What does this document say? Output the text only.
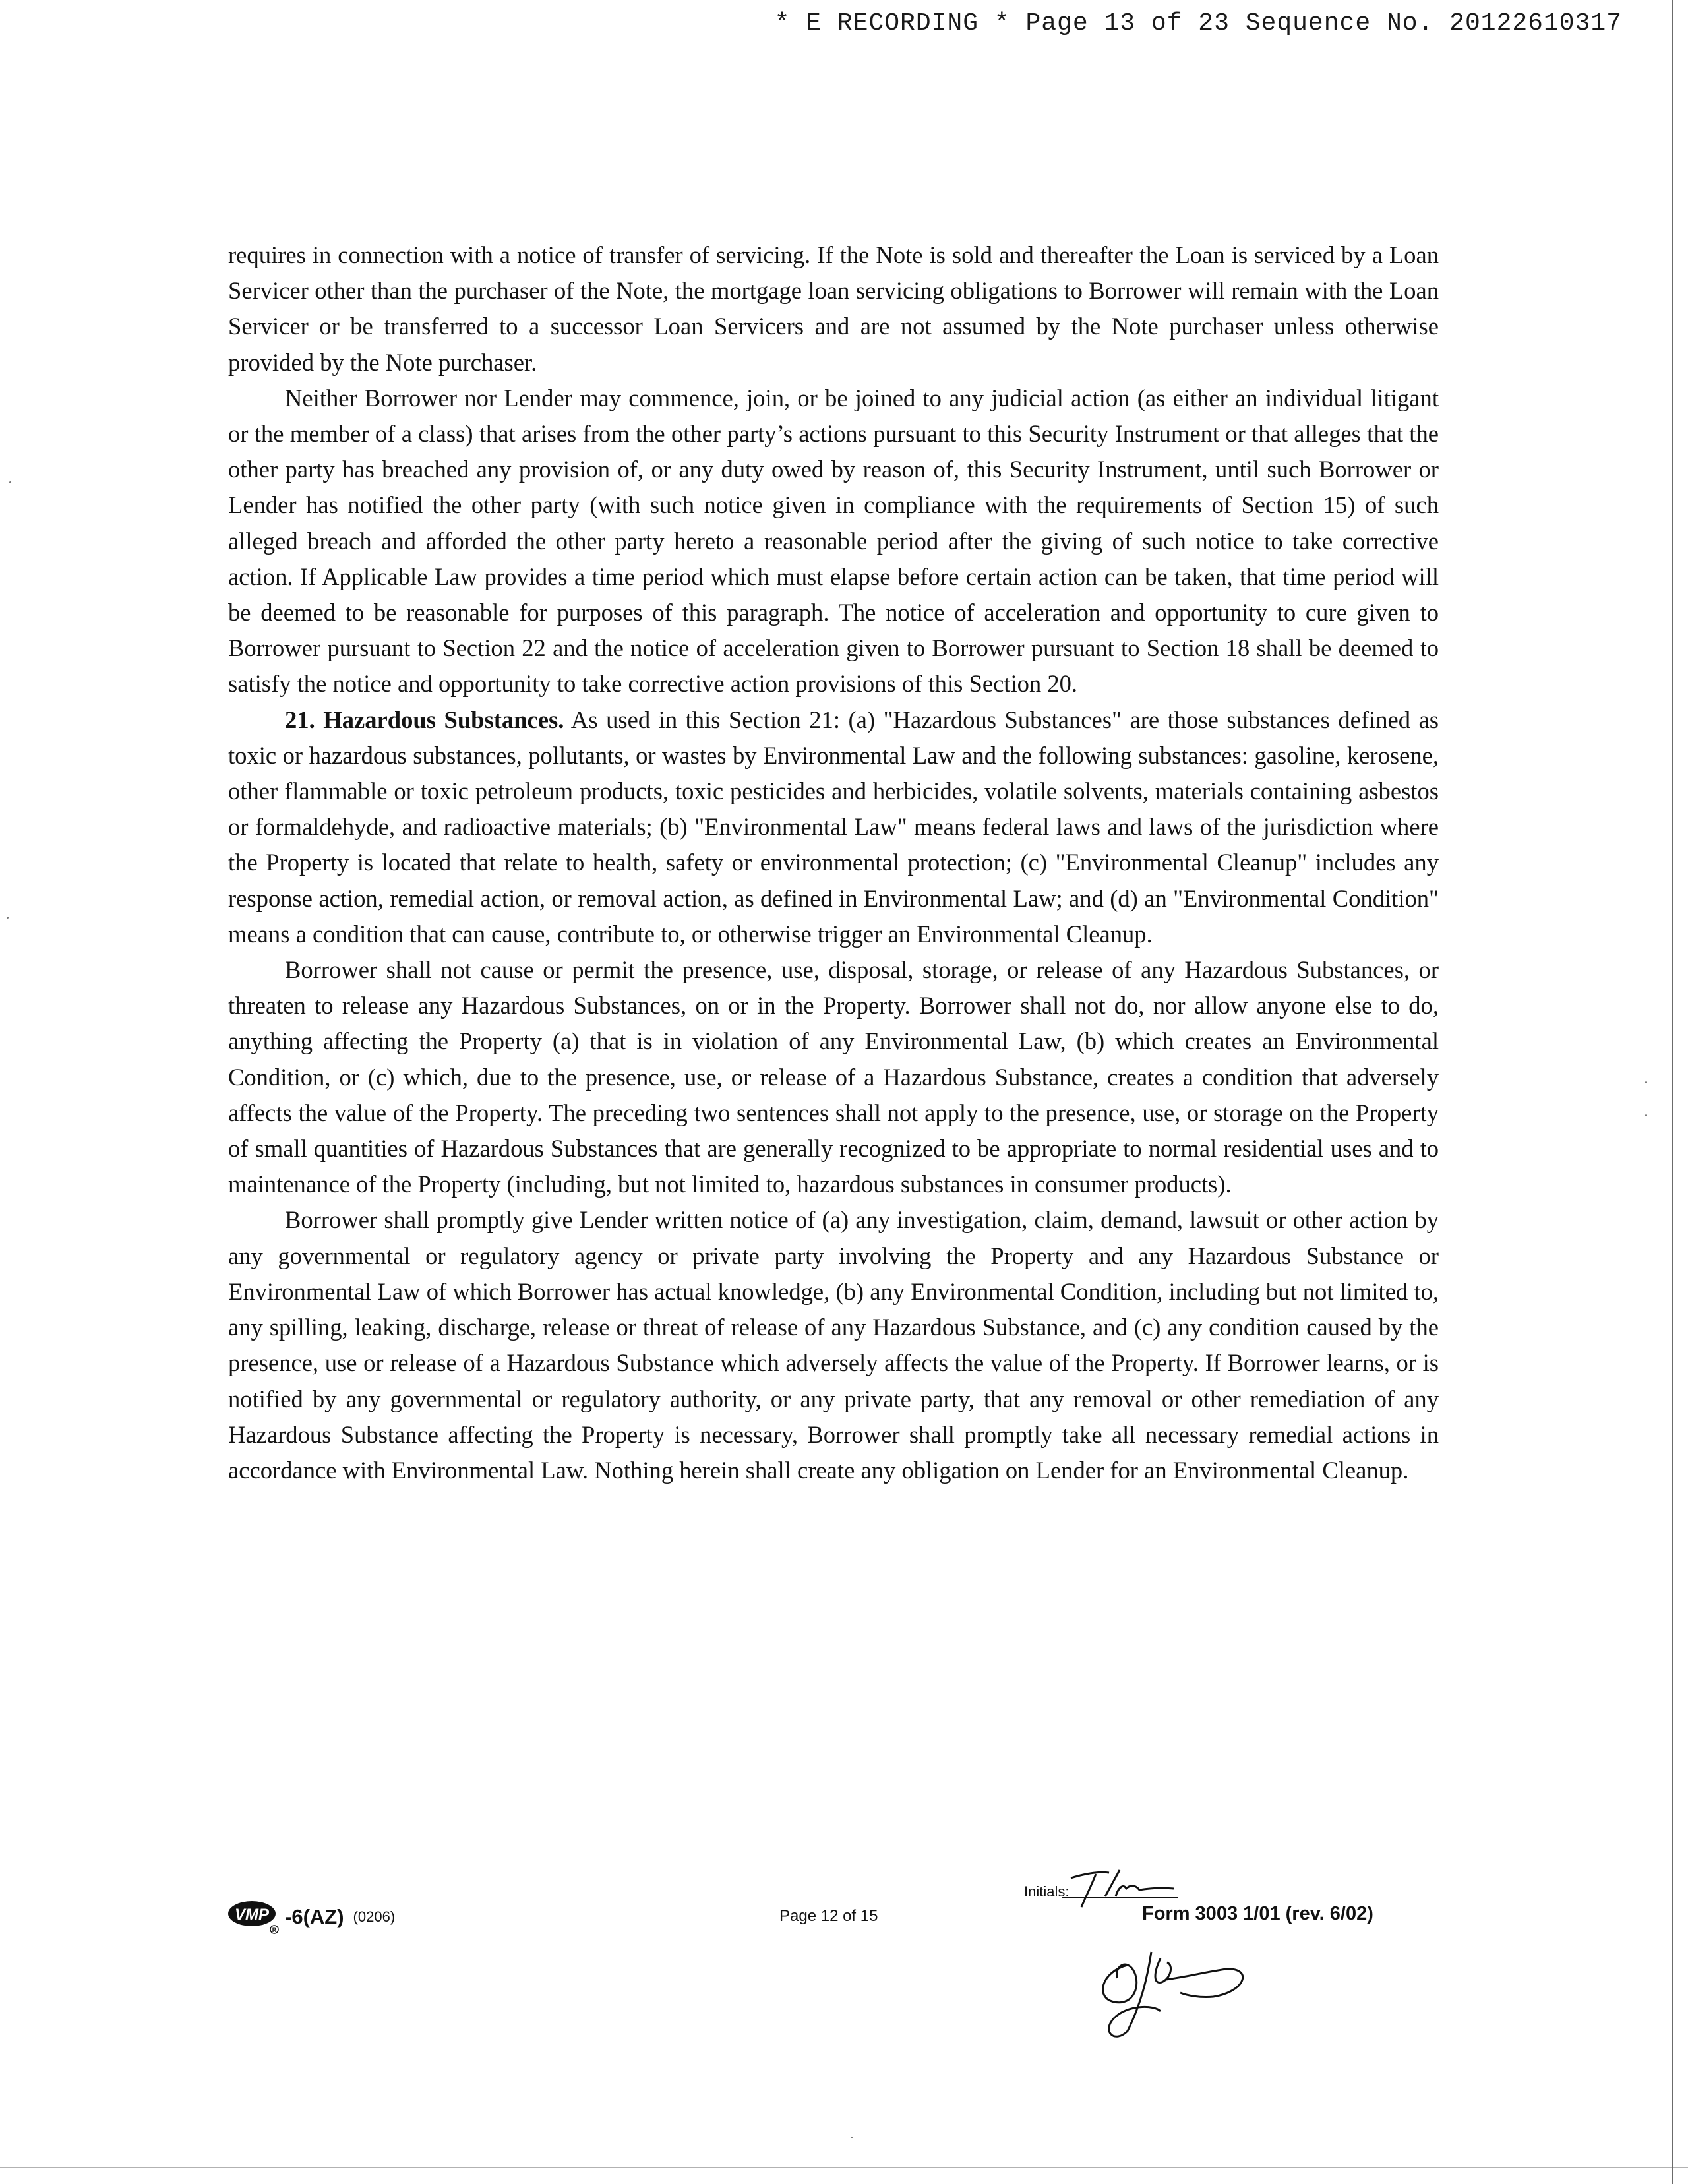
* E RECORDING * Page 13 of 23 Sequence No. 20122610317

requires in connection with a notice of transfer of servicing. If the Note is sold and thereafter the Loan is serviced by a Loan Servicer other than the purchaser of the Note, the mortgage loan servicing obligations to Borrower will remain with the Loan Servicer or be transferred to a successor Loan Servicers and are not assumed by the Note purchaser unless otherwise provided by the Note purchaser.

Neither Borrower nor Lender may commence, join, or be joined to any judicial action (as either an individual litigant or the member of a class) that arises from the other party’s actions pursuant to this Security Instrument or that alleges that the other party has breached any provision of, or any duty owed by reason of, this Security Instrument, until such Borrower or Lender has notified the other party (with such notice given in compliance with the requirements of Section 15) of such alleged breach and afforded the other party hereto a reasonable period after the giving of such notice to take corrective action. If Applicable Law provides a time period which must elapse before certain action can be taken, that time period will be deemed to be reasonable for purposes of this paragraph. The notice of acceleration and opportunity to cure given to Borrower pursuant to Section 22 and the notice of acceleration given to Borrower pursuant to Section 18 shall be deemed to satisfy the notice and opportunity to take corrective action provisions of this Section 20.

21. Hazardous Substances. As used in this Section 21: (a) "Hazardous Substances" are those substances defined as toxic or hazardous substances, pollutants, or wastes by Environmental Law and the following substances: gasoline, kerosene, other flammable or toxic petroleum products, toxic pesticides and herbicides, volatile solvents, materials containing asbestos or formaldehyde, and radioactive materials; (b) "Environmental Law" means federal laws and laws of the jurisdiction where the Property is located that relate to health, safety or environmental protection; (c) "Environmental Cleanup" includes any response action, remedial action, or removal action, as defined in Environmental Law; and (d) an "Environmental Condition" means a condition that can cause, contribute to, or otherwise trigger an Environmental Cleanup.

Borrower shall not cause or permit the presence, use, disposal, storage, or release of any Hazardous Substances, or threaten to release any Hazardous Substances, on or in the Property. Borrower shall not do, nor allow anyone else to do, anything affecting the Property (a) that is in violation of any Environmental Law, (b) which creates an Environmental Condition, or (c) which, due to the presence, use, or release of a Hazardous Substance, creates a condition that adversely affects the value of the Property. The preceding two sentences shall not apply to the presence, use, or storage on the Property of small quantities of Hazardous Substances that are generally recognized to be appropriate to normal residential uses and to maintenance of the Property (including, but not limited to, hazardous substances in consumer products).

Borrower shall promptly give Lender written notice of (a) any investigation, claim, demand, lawsuit or other action by any governmental or regulatory agency or private party involving the Property and any Hazardous Substance or Environmental Law of which Borrower has actual knowledge, (b) any Environmental Condition, including but not limited to, any spilling, leaking, discharge, release or threat of release of any Hazardous Substance, and (c) any condition caused by the presence, use or release of a Hazardous Substance which adversely affects the value of the Property. If Borrower learns, or is notified by any governmental or regulatory authority, or any private party, that any removal or other remediation of any Hazardous Substance affecting the Property is necessary, Borrower shall promptly take all necessary remedial actions in accordance with Environmental Law. Nothing herein shall create any obligation on Lender for an Environmental Cleanup.

VMP
R
-6(AZ) (0206)	Page 12 of 15
Initials:
Form 3003 1/01 (rev. 6/02)
